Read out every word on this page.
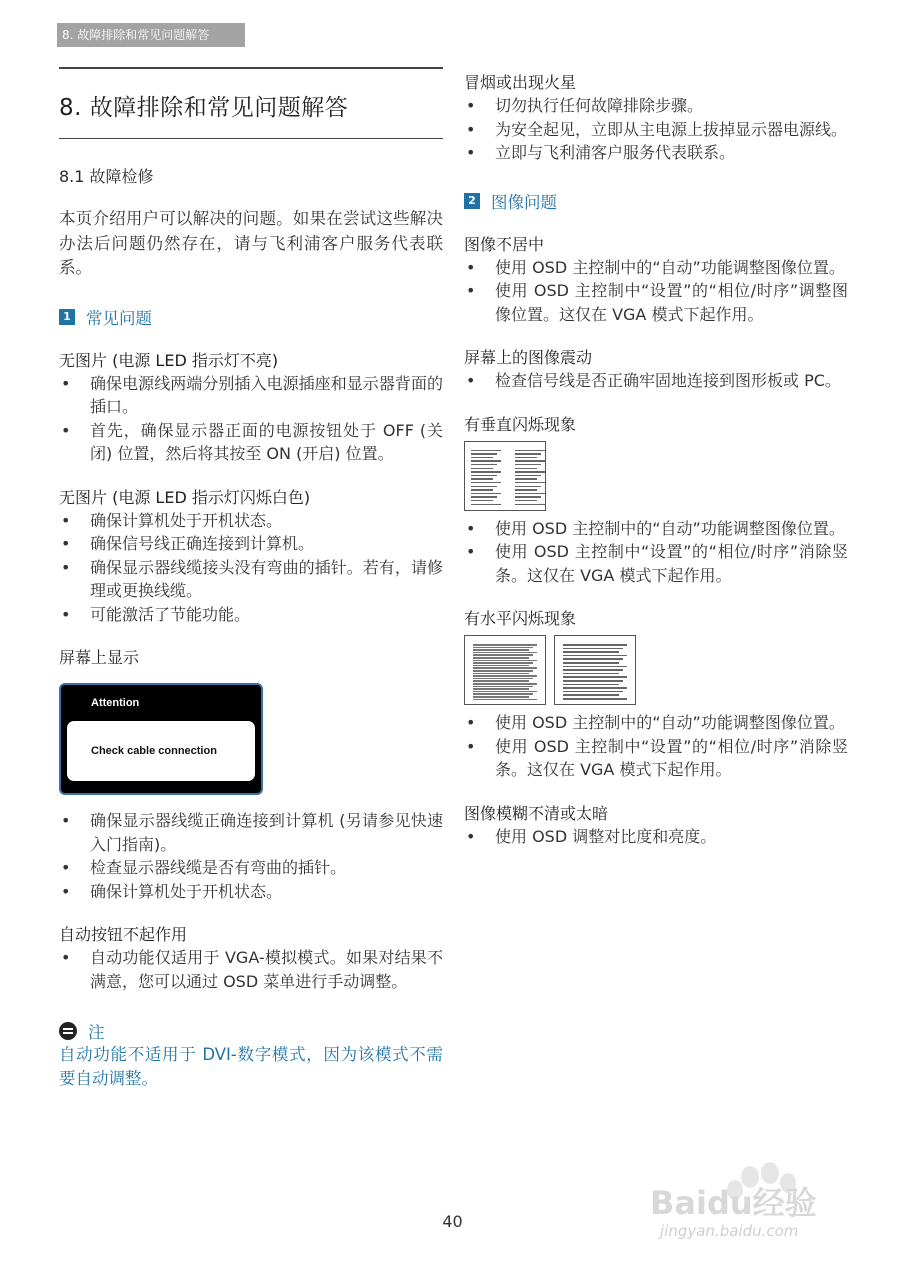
8. 故障排除和常见问题解答
8. 故障排除和常见问题解答
8.1 故障检修

本页介绍用户可以解决的问题。如果在尝试这些解决办法后问题仍然存在，请与飞利浦客户服务代表联系。

1 常见问题
无图片 (电源 LED 指示灯不亮)
• 确保电源线两端分别插入电源插座和显示器背面的插口。
• 首先，确保显示器正面的电源按钮处于 OFF (关闭) 位置，然后将其按至 ON (开启) 位置。
无图片 (电源 LED 指示灯闪烁白色)
• 确保计算机处于开机状态。
• 确保信号线正确连接到计算机。
• 确保显示器线缆接头没有弯曲的插针。若有，请修理或更换线缆。
• 可能激活了节能功能。
屏幕上显示
Attention
Check cable connection
• 确保显示器线缆正确连接到计算机 (另请参见快速入门指南)。
• 检查显示器线缆是否有弯曲的插针。
• 确保计算机处于开机状态。
自动按钮不起作用
• 自动功能仅适用于 VGA-模拟模式。如果对结果不满意，您可以通过 OSD 菜单进行手动调整。
注

自动功能不适用于 DVI-数字模式，因为该模式不需要自动调整。

冒烟或出现火星
• 切勿执行任何故障排除步骤。
• 为安全起见，立即从主电源上拔掉显示器电源线。
• 立即与飞利浦客户服务代表联系。
2 图像问题
图像不居中
• 使用 OSD 主控制中的“自动”功能调整图像位置。
• 使用 OSD 主控制中“设置”的“相位/时序”调整图像位置。这仅在 VGA 模式下起作用。
屏幕上的图像震动
• 检查信号线是否正确牢固地连接到图形板或 PC。
有垂直闪烁现象
• 使用 OSD 主控制中的“自动”功能调整图像位置。
• 使用 OSD 主控制中“设置”的“相位/时序”消除竖条。这仅在 VGA 模式下起作用。
有水平闪烁现象
• 使用 OSD 主控制中的“自动”功能调整图像位置。
• 使用 OSD 主控制中“设置”的“相位/时序”消除竖条。这仅在 VGA 模式下起作用。
图像模糊不清或太暗
• 使用 OSD 调整对比度和亮度。
Baidu经验
jingyan.baidu.com
40
